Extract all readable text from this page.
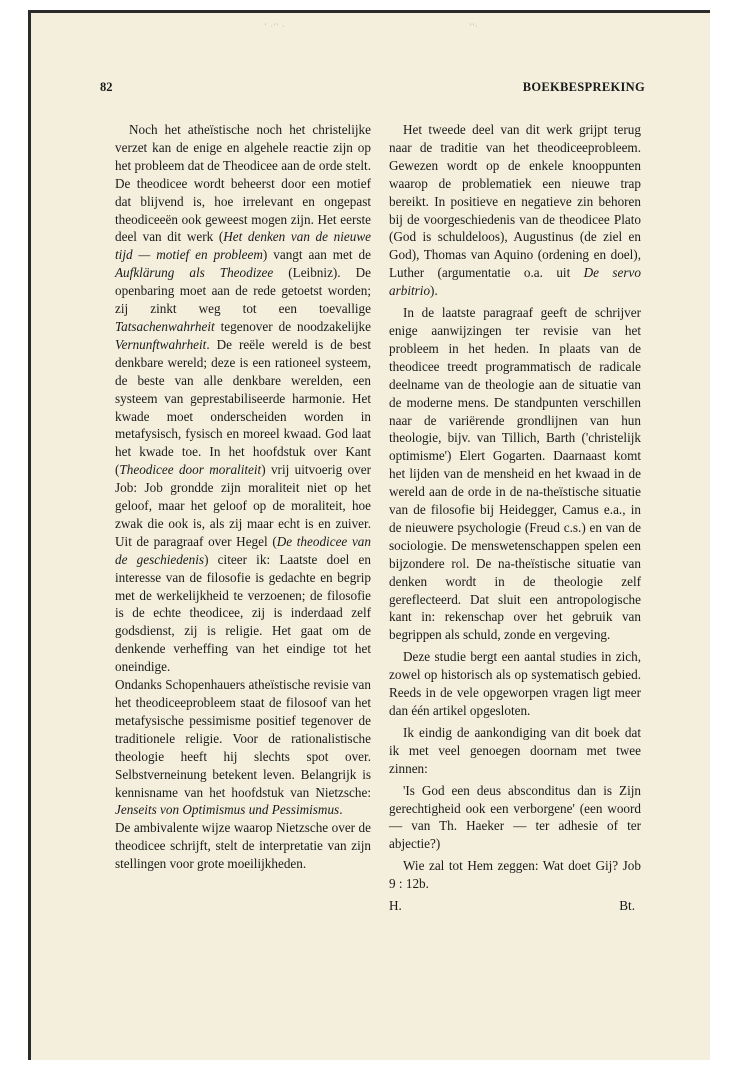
' ·'' ·	''·
82	BOEKBESPREKING

Noch het atheïstische noch het christelijke verzet kan de enige en algehele reactie zijn op het probleem dat de Theodicee aan de orde stelt. De theodicee wordt beheerst door een motief dat blijvend is, hoe irrelevant en ongepast theodiceeën ook geweest mogen zijn. Het eerste deel van dit werk (Het denken van de nieuwe tijd — motief en probleem) vangt aan met de Aufklärung als Theodizee (Leibniz). De openbaring moet aan de rede getoetst worden; zij zinkt weg tot een toevallige Tatsachenwahrheit tegenover de noodzakelijke Vernunftwahrheit. De reële wereld is de best denkbare wereld; deze is een rationeel systeem, de beste van alle denkbare werelden, een systeem van geprestabiliseerde harmonie. Het kwade moet onderscheiden worden in metafysisch, fysisch en moreel kwaad. God laat het kwade toe. In het hoofdstuk over Kant (Theodicee door moraliteit) vrij uitvoerig over Job: Job grondde zijn moraliteit niet op het geloof, maar het geloof op de moraliteit, hoe zwak die ook is, als zij maar echt is en zuiver. Uit de paragraaf over Hegel (De theodicee van de geschiedenis) citeer ik: Laatste doel en interesse van de filosofie is gedachte en begrip met de werkelijkheid te verzoenen; de filosofie is de echte theodicee, zij is inderdaad zelf godsdienst, zij is religie. Het gaat om de denkende verheffing van het eindige tot het oneindige.

Ondanks Schopenhauers atheïstische revisie van het theodiceeprobleem staat de filosoof van het metafysische pessimisme positief tegenover de traditionele religie. Voor de rationalistische theologie heeft hij slechts spot over. Selbstverneinung betekent leven. Belangrijk is kennisname van het hoofdstuk van Nietzsche: Jenseits von Optimismus und Pessimismus.

De ambivalente wijze waarop Nietzsche over de theodicee schrijft, stelt de interpretatie van zijn stellingen voor grote moeilijkheden.

Het tweede deel van dit werk grijpt terug naar de traditie van het theodiceeprobleem. Gewezen wordt op de enkele knooppunten waarop de problematiek een nieuwe trap bereikt. In positieve en negatieve zin behoren bij de voorgeschiedenis van de theodicee Plato (God is schuldeloos), Augustinus (de ziel en God), Thomas van Aquino (ordening en doel), Luther (argumentatie o.a. uit De servo arbitrio).

In de laatste paragraaf geeft de schrijver enige aanwijzingen ter revisie van het probleem in het heden. In plaats van de theodicee treedt programmatisch de radicale deelname van de theologie aan de situatie van de moderne mens. De standpunten verschillen naar de variërende grondlijnen van hun theologie, bijv. van Tillich, Barth ('christelijk optimisme') Elert Gogarten. Daarnaast komt het lijden van de mensheid en het kwaad in de wereld aan de orde in de na-theïstische situatie van de filosofie bij Heidegger, Camus e.a., in de nieuwere psychologie (Freud c.s.) en van de sociologie. De menswetenschappen spelen een bijzondere rol. De na-theïstische situatie van denken wordt in de theologie zelf gereflecteerd. Dat sluit een antropologische kant in: rekenschap over het gebruik van begrippen als schuld, zonde en vergeving.

Deze studie bergt een aantal studies in zich, zowel op historisch als op systematisch gebied. Reeds in de vele opgeworpen vragen ligt meer dan één artikel opgesloten.

Ik eindig de aankondiging van dit boek dat ik met veel genoegen doornam met twee zinnen:

'Is God een deus absconditus dan is Zijn gerechtigheid ook een verborgene' (een woord — van Th. Haeker — ter adhesie of ter abjectie?)

Wie zal tot Hem zeggen: Wat doet Gij? Job 9 : 12b.

H.	Bt.
